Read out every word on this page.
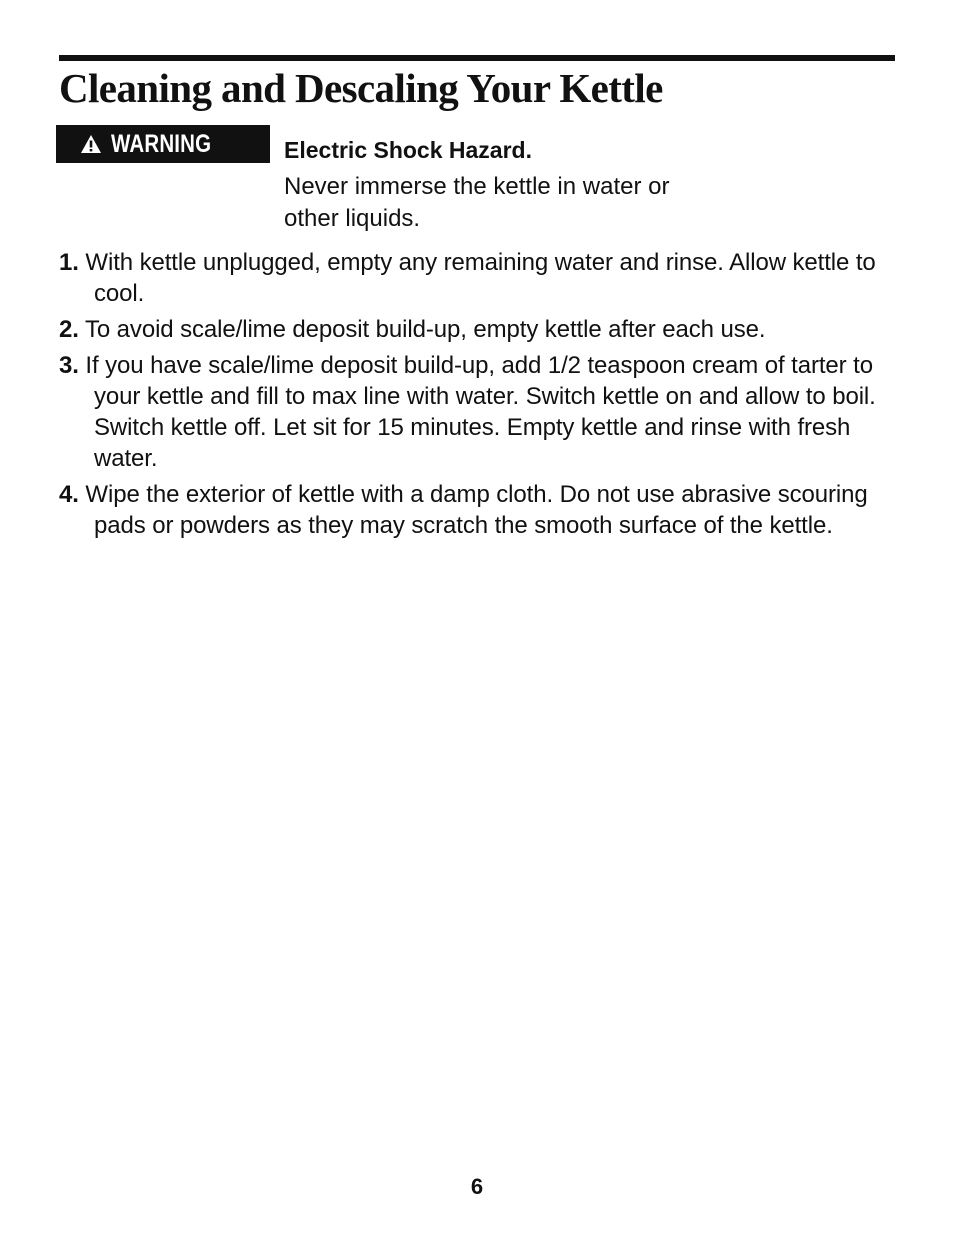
Cleaning and Descaling Your Kettle
WARNING	Electric Shock Hazard.

Never immerse the kettle in water or other liquids.

1. With kettle unplugged, empty any remaining water and rinse. Allow kettle to cool.
2. To avoid scale/lime deposit build-up, empty kettle after each use.
3. If you have scale/lime deposit build-up, add 1/2 teaspoon cream of tarter to your kettle and fill to max line with water. Switch kettle on and allow to boil. Switch kettle off. Let sit for 15 minutes. Empty kettle and rinse with fresh water.
4. Wipe the exterior of kettle with a damp cloth. Do not use abrasive scouring pads or powders as they may scratch the smooth surface of the kettle.
6
